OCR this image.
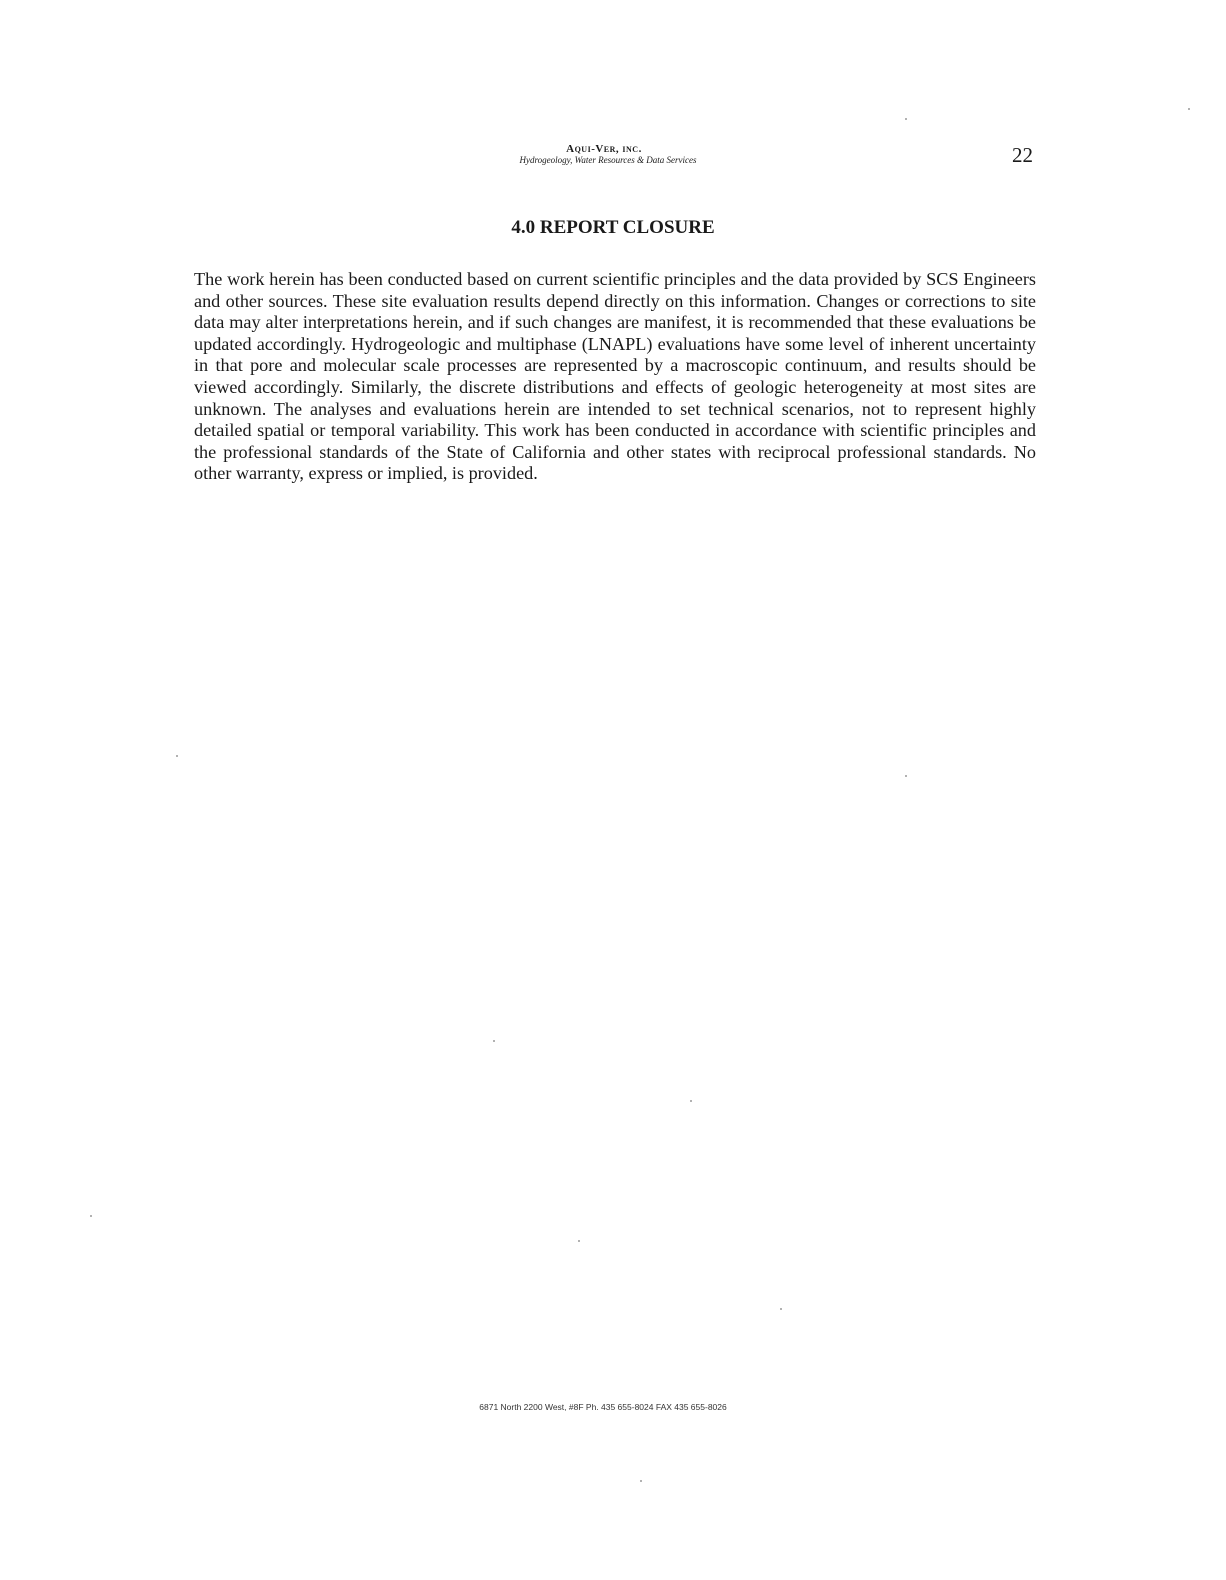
Aqui-Ver, inc.
Hydrogeology, Water Resources & Data Services	22
4.0 REPORT CLOSURE

The work herein has been conducted based on current scientific principles and the data provided by SCS Engineers and other sources. These site evaluation results depend directly on this information. Changes or corrections to site data may alter interpretations herein, and if such changes are manifest, it is recommended that these evaluations be updated accordingly. Hydrogeologic and multiphase (LNAPL) evaluations have some level of inherent uncertainty in that pore and molecular scale processes are represented by a macroscopic continuum, and results should be viewed accordingly. Similarly, the discrete distributions and effects of geologic heterogeneity at most sites are unknown. The analyses and evaluations herein are intended to set technical scenarios, not to represent highly detailed spatial or temporal variability. This work has been conducted in accordance with scientific principles and the professional standards of the State of California and other states with reciprocal professional standards. No other warranty, express or implied, is provided.

6871 North 2200 West, #8F Ph. 435 655-8024 FAX 435 655-8026
